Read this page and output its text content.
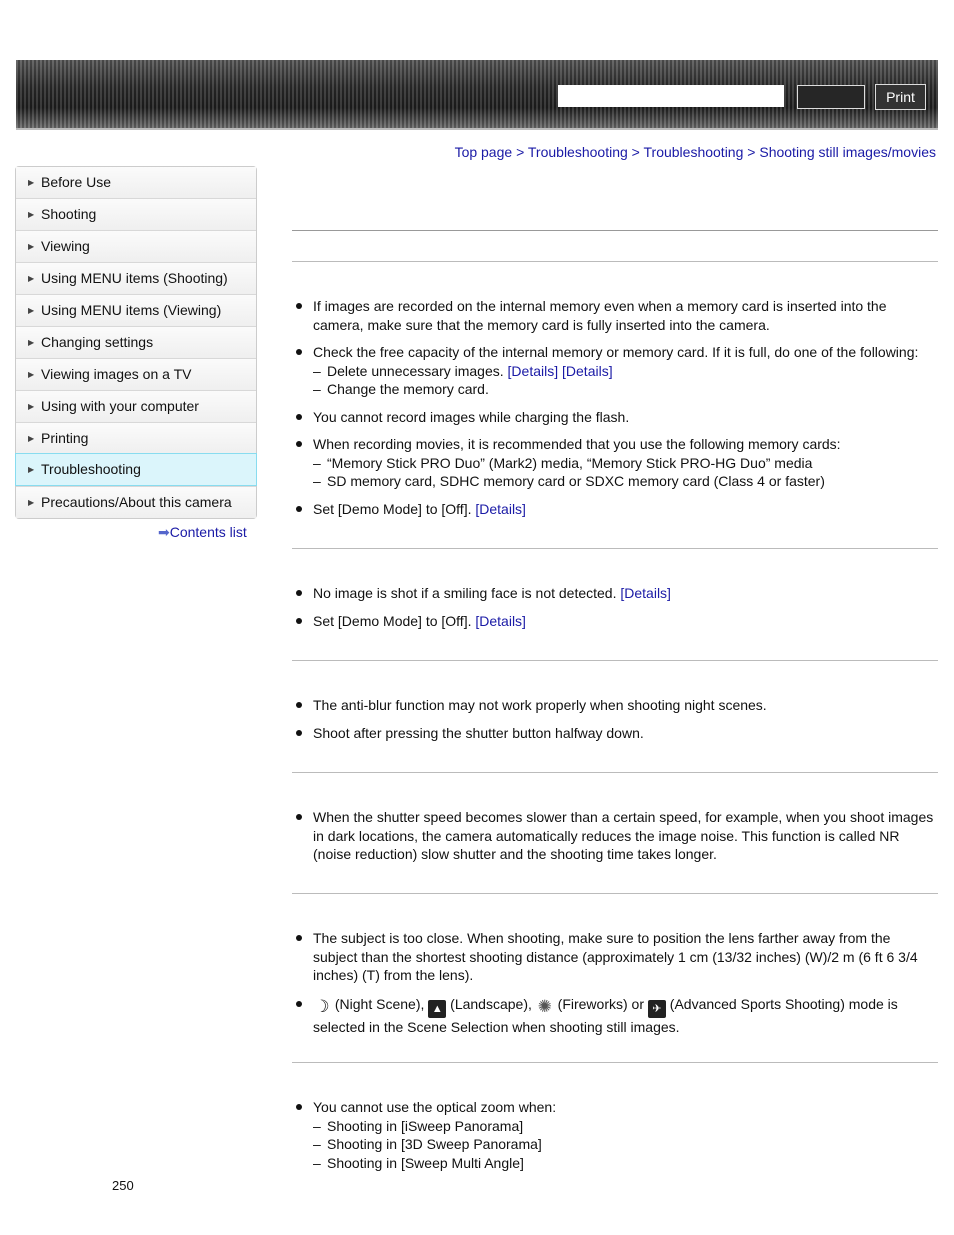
Print
Top page > Troubleshooting > Troubleshooting > Shooting still images/movies
▶ Before Use
▶ Shooting
▶ Viewing
▶ Using MENU items (Shooting)
▶ Using MENU items (Viewing)
▶ Changing settings
▶ Viewing images on a TV
▶ Using with your computer
▶ Printing
▶ Troubleshooting
▶ Precautions/About this camera
➡Contents list
If images are recorded on the internal memory even when a memory card is inserted into the camera, make sure that the memory card is fully inserted into the camera.
Check the free capacity of the internal memory or memory card. If it is full, do one of the following:
– Delete unnecessary images. [Details] [Details]
– Change the memory card.
You cannot record images while charging the flash.
When recording movies, it is recommended that you use the following memory cards:
– “Memory Stick PRO Duo” (Mark2) media, “Memory Stick PRO-HG Duo” media
– SD memory card, SDHC memory card or SDXC memory card (Class 4 or faster)
Set [Demo Mode] to [Off]. [Details]
No image is shot if a smiling face is not detected. [Details]
Set [Demo Mode] to [Off]. [Details]
The anti-blur function may not work properly when shooting night scenes.
Shoot after pressing the shutter button halfway down.
When the shutter speed becomes slower than a certain speed, for example, when you shoot images in dark locations, the camera automatically reduces the image noise. This function is called NR (noise reduction) slow shutter and the shooting time takes longer.
The subject is too close. When shooting, make sure to position the lens farther away from the subject than the shortest shooting distance (approximately 1 cm (13/32 inches) (W)/2 m (6 ft 6 3/4 inches) (T) from the lens).
☽ (Night Scene), ▲ (Landscape), ✺ (Fireworks) or ✈ (Advanced Sports Shooting) mode is selected in the Scene Selection when shooting still images.
You cannot use the optical zoom when:
– Shooting in [iSweep Panorama]
– Shooting in [3D Sweep Panorama]
– Shooting in [Sweep Multi Angle]
250
